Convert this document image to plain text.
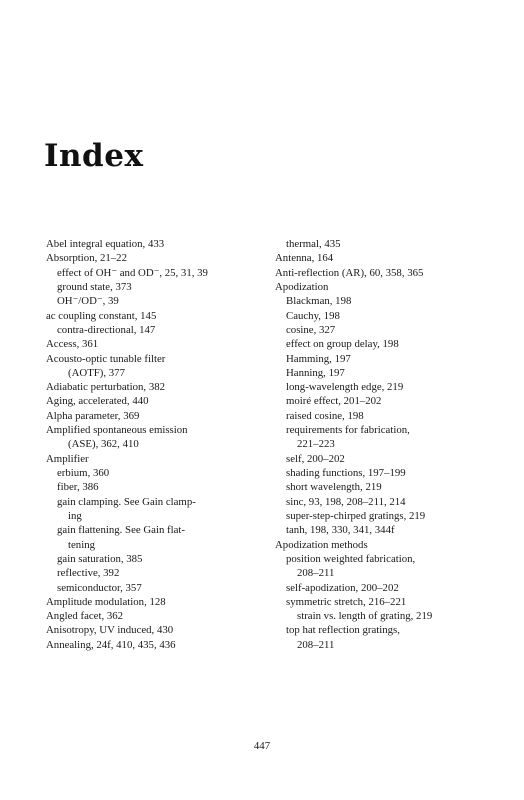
Index
Abel integral equation, 433
Absorption, 21–22
effect of OH⁻ and OD⁻, 25, 31, 39
ground state, 373
OH⁻/OD⁻, 39
ac coupling constant, 145
contra-directional, 147
Access, 361
Acousto-optic tunable filter
(AOTF), 377
Adiabatic perturbation, 382
Aging, accelerated, 440
Alpha parameter, 369
Amplified spontaneous emission
(ASE), 362, 410
Amplifier
erbium, 360
fiber, 386
gain clamping. See Gain clamp-
ing
gain flattening. See Gain flat-
tening
gain saturation, 385
reflective, 392
semiconductor, 357
Amplitude modulation, 128
Angled facet, 362
Anisotropy, UV induced, 430
Annealing, 24f, 410, 435, 436
thermal, 435
Antenna, 164
Anti-reflection (AR), 60, 358, 365
Apodization
Blackman, 198
Cauchy, 198
cosine, 327
effect on group delay, 198
Hamming, 197
Hanning, 197
long-wavelength edge, 219
moiré effect, 201–202
raised cosine, 198
requirements for fabrication,
221–223
self, 200–202
shading functions, 197–199
short wavelength, 219
sinc, 93, 198, 208–211, 214
super-step-chirped gratings, 219
tanh, 198, 330, 341, 344f
Apodization methods
position weighted fabrication,
208–211
self-apodization, 200–202
symmetric stretch, 216–221
strain vs. length of grating, 219
top hat reflection gratings,
208–211
447
